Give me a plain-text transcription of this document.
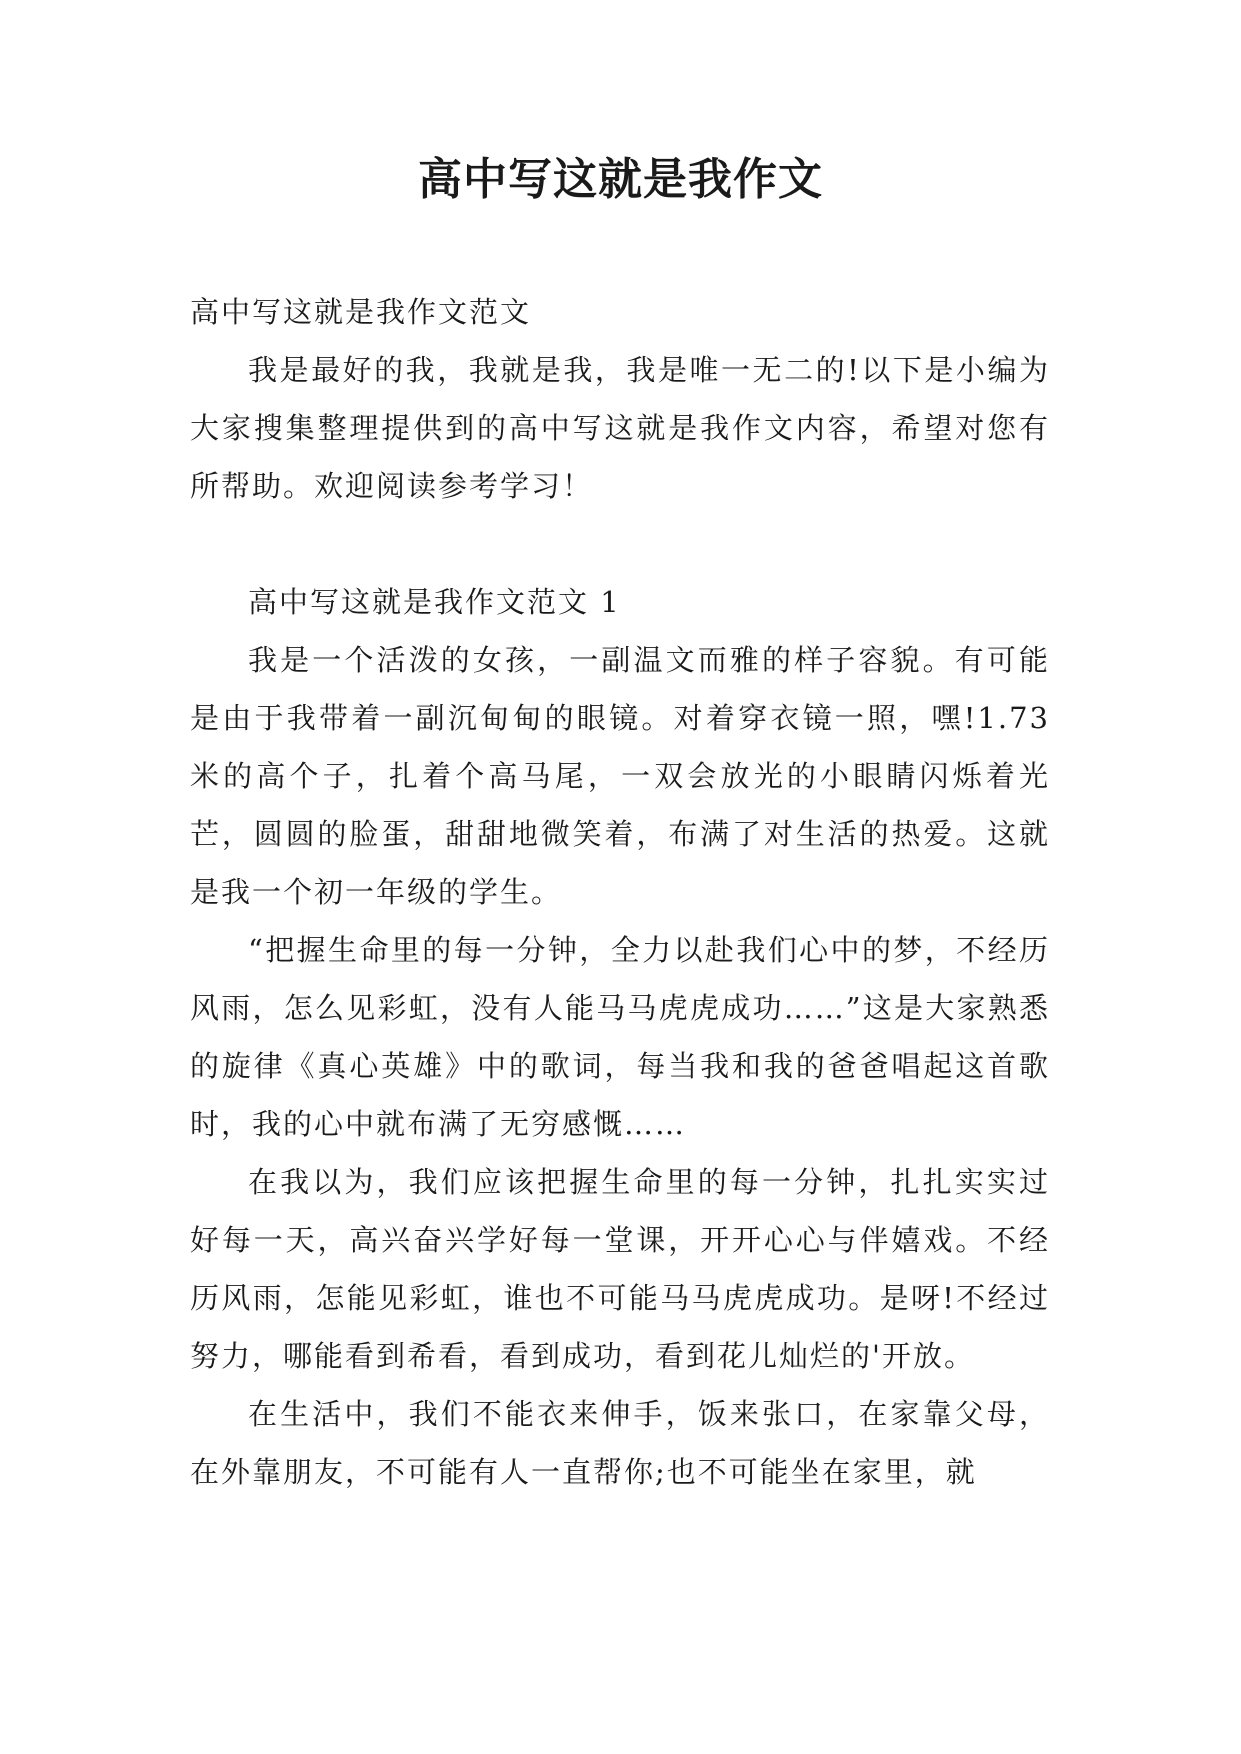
高中写这就是我作文

高中写这就是我作文范文

我是最好的我，我就是我，我是唯一无二的!以下是小编为大家搜集整理提供到的高中写这就是我作文内容，希望对您有所帮助。欢迎阅读参考学习！

高中写这就是我作文范文 1

我是一个活泼的女孩，一副温文而雅的样子容貌。有可能是由于我带着一副沉甸甸的眼镜。对着穿衣镜一照，嘿!1.73 米的高个子，扎着个高马尾，一双会放光的小眼睛闪烁着光芒，圆圆的脸蛋，甜甜地微笑着，布满了对生活的热爱。这就是我一个初一年级的学生。

“把握生命里的每一分钟，全力以赴我们心中的梦，不经历风雨，怎么见彩虹，没有人能马马虎虎成功……”这是大家熟悉的旋律《真心英雄》中的歌词，每当我和我的爸爸唱起这首歌时，我的心中就布满了无穷感慨……

在我以为，我们应该把握生命里的每一分钟，扎扎实实过好每一天，高兴奋兴学好每一堂课，开开心心与伴嬉戏。不经历风雨，怎能见彩虹，谁也不可能马马虎虎成功。是呀!不经过努力，哪能看到希看，看到成功，看到花儿灿烂的'开放。

在生活中，我们不能衣来伸手，饭来张口，在家靠父母，在外靠朋友，不可能有人一直帮你;也不可能坐在家里，就
